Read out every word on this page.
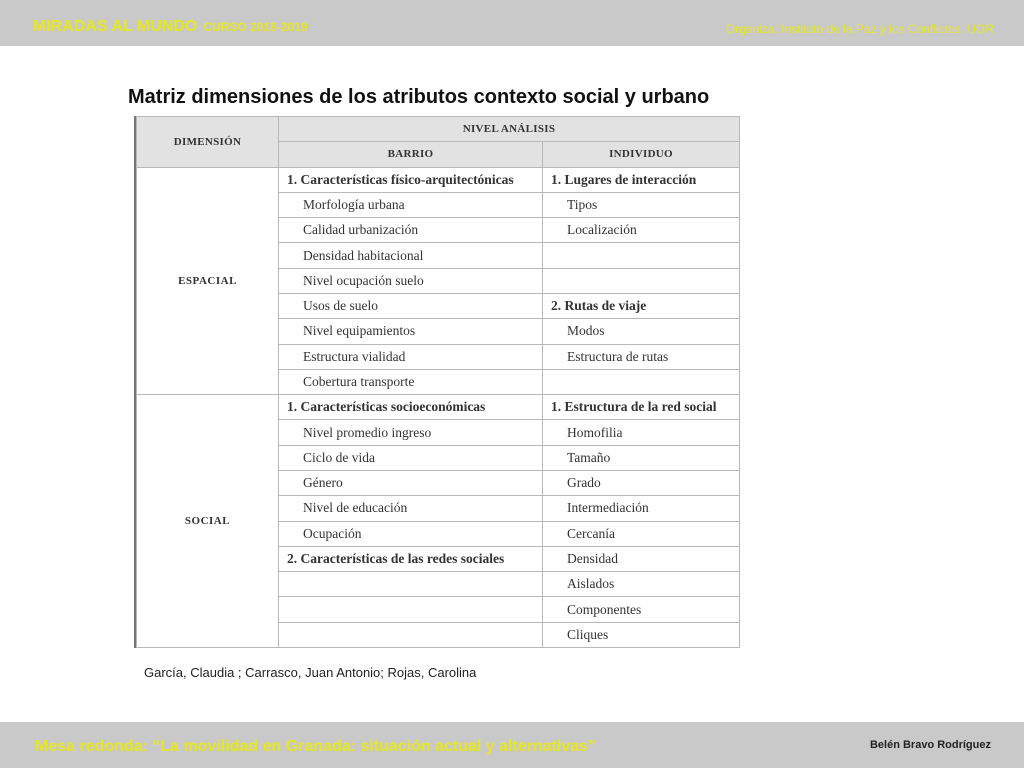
MIRADAS AL MUNDO CURSO 2018-2019	Organiza: Instituto de la Paz y los Conflictos. UGR
Matriz dimensiones de los atributos contexto social y urbano
DIMENSIÓN	NIVEL ANÁLISIS	
	BARRIO	INDIVIDUO
ESPACIAL	1. Características físico-arquitectónicas	1. Lugares de interacción
	Morfología urbana	Tipos
	Calidad urbanización	Localización
	Densidad habitacional	
	Nivel ocupación suelo	
	Usos de suelo	2. Rutas de viaje
	Nivel equipamientos	Modos
	Estructura vialidad	Estructura de rutas
	Cobertura transporte	
SOCIAL	1. Características socioeconómicas	1. Estructura de la red social
	Nivel promedio ingreso	Homofilia
	Ciclo de vida	Tamaño
	Género	Grado
	Nivel de educación	Intermediación
	Ocupación	Cercanía
	2. Características de las redes sociales	Densidad
		Aislados
		Componentes
		Cliques
García, Claudia ; Carrasco, Juan Antonio; Rojas, Carolina
Mesa redonda: “La movilidad en Granada: situación actual y alternativas”	Belén Bravo Rodríguez
